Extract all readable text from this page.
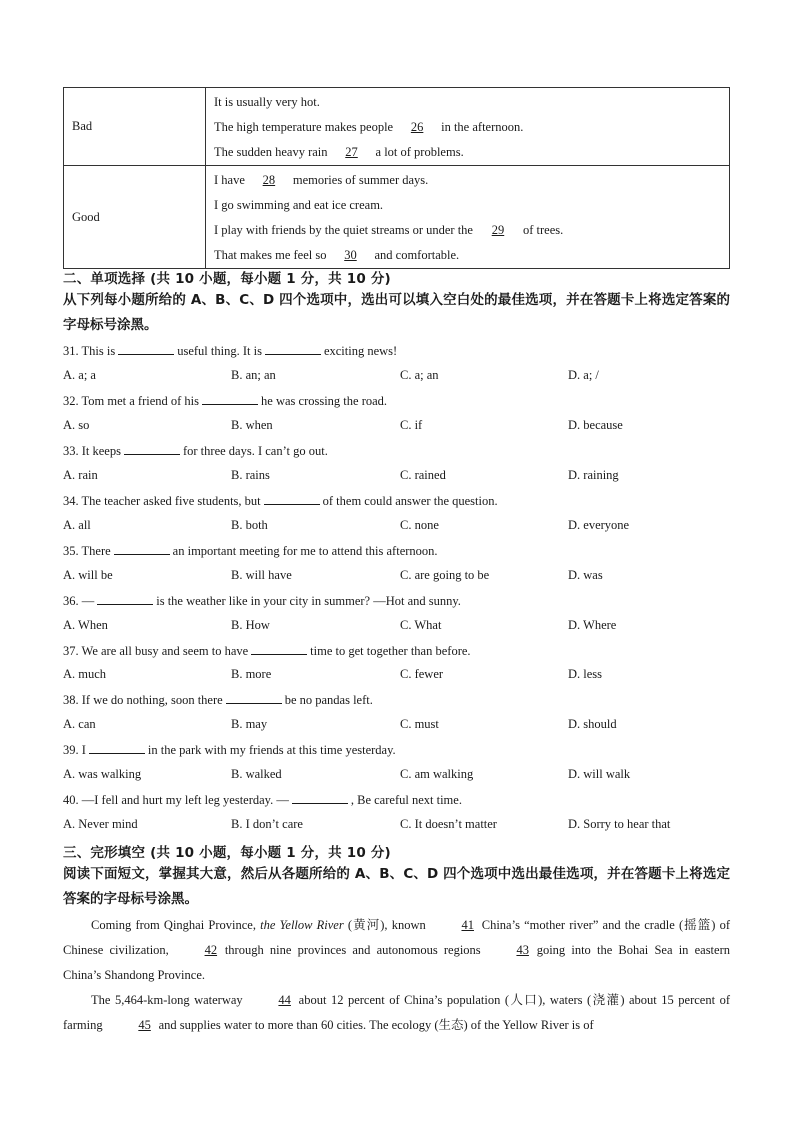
Bad	It is usually very hot.
The high temperature makes people 26 in the afternoon.
The sudden heavy rain 27 a lot of problems.

Good	I have 28 memories of summer days.
I go swimming and eat ice cream.
I play with friends by the quiet streams or under the 29 of trees.
That makes me feel so 30 and comfortable.
二、单项选择 (共 10 小题，每小题 1 分，共 10 分)
从下列每小题所给的 A、B、C、D 四个选项中，选出可以填入空白处的最佳选项，并在答题卡上将选定答案的字母标号涂黑。
31. This is	useful thing. It is	exciting news!
A. a; a	B. an; an	C. a; an	D. a; /
32. Tom met a friend of his	he was crossing the road.
A. so	B. when	C. if	D. because
33. It keeps	for three days. I can’t go out.
A. rain	B. rains	C. rained	D. raining
34. The teacher asked five students, but	of them could answer the question.
A. all	B. both	C. none	D. everyone
35. There	an important meeting for me to attend this afternoon.
A. will be	B. will have	C. are going to be	D. was
36. —	is the weather like in your city in summer? —Hot and sunny.
A. When	B. How	C. What	D. Where
37. We are all busy and seem to have	time to get together than before.
A. much	B. more	C. fewer	D. less
38. If we do nothing, soon there	be no pandas left.
A. can	B. may	C. must	D. should
39. I	in the park with my friends at this time yesterday.
A. was walking	B. walked	C. am walking	D. will walk
40. —I fell and hurt my left leg yesterday. —	, Be careful next time.
A. Never mind	B. I don’t care	C. It doesn’t matter	D. Sorry to hear that
三、完形填空 (共 10 小题，每小题 1 分，共 10 分)
阅读下面短文，掌握其大意，然后从各题所给的 A、B、C、D 四个选项中选出最佳选项，并在答题卡上将选定答案的字母标号涂黑。
Coming from Qinghai Province, the Yellow River (黄河), known	41 China’s “mother river” and the cradle (摇篮) of Chinese civilization,	42 through nine provinces and autonomous regions	43 going into the Bohai Sea in eastern China’s Shandong Province.
The 5,464-km-long waterway	44 about 12 percent of China’s population (人口), waters (浇灌) about 15 percent of farming	45 and supplies water to more than 60 cities. The ecology (生态) of the Yellow River is of
